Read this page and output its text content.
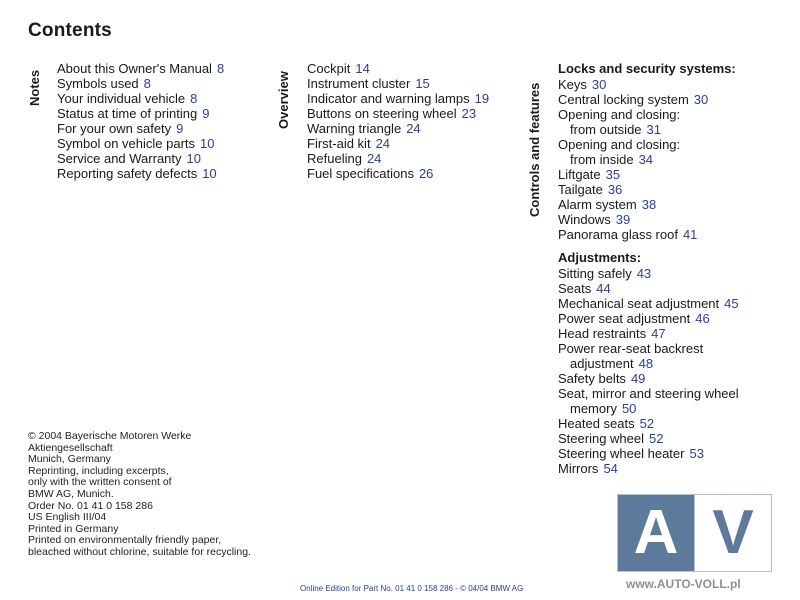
Contents
Notes
About this Owner's Manual 8
Symbols used 8
Your individual vehicle 8
Status at time of printing 9
For your own safety 9
Symbol on vehicle parts 10
Service and Warranty 10
Reporting safety defects 10
Overview
Cockpit 14
Instrument cluster 15
Indicator and warning lamps 19
Buttons on steering wheel 23
Warning triangle 24
First-aid kit 24
Refueling 24
Fuel specifications 26	Controls and features
Locks and security systems:
Keys 30
Central locking system 30
Opening and closing:
from outside 31
Opening and closing:
from inside 34
Liftgate 35
Tailgate 36
Alarm system 38
Windows 39
Panorama glass roof 41
Adjustments:
Sitting safely 43
Seats 44
Mechanical seat adjustment 45
Power seat adjustment 46
Head restraints 47
Power rear-seat backrest
adjustment 48
Safety belts 49
Seat, mirror and steering wheel
memory 50
Heated seats 52
Steering wheel 52
Steering wheel heater 53
Mirrors 54
© 2004 Bayerische Motoren Werke
Aktiengesellschaft
Munich, Germany
Reprinting, including excerpts,
only with the written consent of
BMW AG, Munich.
Order No. 01 41 0 158 286
US English III/04
Printed in Germany
Printed on environmentally friendly paper,
bleached without chlorine, suitable for recycling.
Online Edition for Part No. 01 41 0 158 286 - © 04/04 BMW AG
A V
www.AUTO-VOLL.pl
